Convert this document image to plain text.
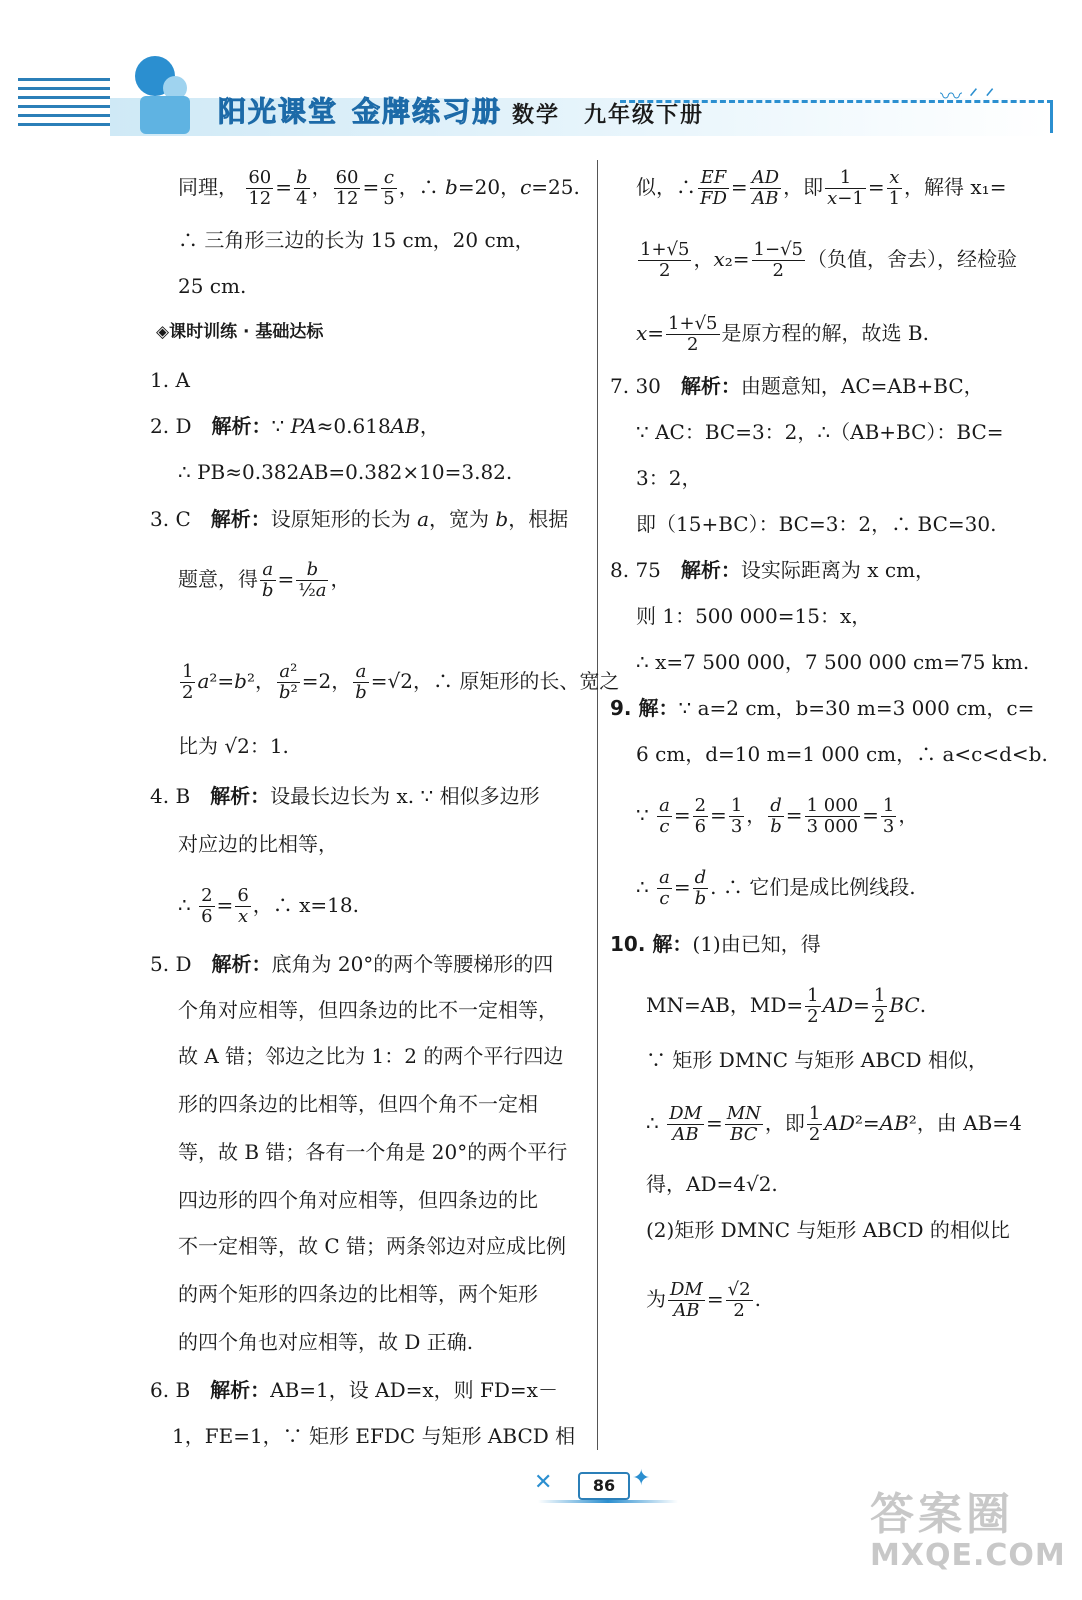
阳光课堂 金牌练习册 数学　九年级下册
〰 ᐟ ᐟ
同理， $\frac{60}{12} = \frac{b}{4}$ ， $\frac{60}{12} = \frac{c}{5}$ ，∴ b=20，c=25.
∴ 三角形三边的长为 15 cm，20 cm，
25 cm.
◈课时训练 · 基础达标
1. A
2. D　 解析：∵ PA≈0.618AB，
∴ PB≈0.382AB=0.382×10=3.82.
3. C　 解析：设原矩形的长为 a，宽为 b，根据
题意，得 $\frac{a}{b} = \frac{b}{\text{½a}}$ ，
$\frac{1}{2} a^2=b^2$， $\frac{\text{a²}}{\text{b²}} =2$， $\frac{a}{b} =√2$，∴ 原矩形的长、宽之
比为 √2：1.
4. B　 解析：设最长边长为 x. ∵ 相似多边形
对应边的比相等，
∴ $\frac{2}{6} = \frac{6}{x}$ ，∴ x=18.
5. D　 解析：底角为 20°的两个等腰梯形的四
个角对应相等，但四条边的比不一定相等，
故 A 错；邻边之比为 1：2 的两个平行四边
形的四条边的比相等，但四个角不一定相
等，故 B 错；各有一个角是 20°的两个平行
四边形的四个角对应相等，但四条边的比
不一定相等，故 C 错；两条邻边对应成比例
的两个矩形的四条边的比相等，两个矩形
的四个角也对应相等，故 D 正确.
6. B　 解析：AB=1，设 AD=x，则 FD=x－
1，FE=1，∵ 矩形 EFDC 与矩形 ABCD 相
似，∴ $\frac{EF}{FD} = \frac{AD}{AB}$ ，即 $\frac{1}{x-1} = \frac{x}{1}$ ，解得 x₁=
$\frac{1+√5}{2}$ ，$x_2= \frac{1-√5}{2}$ （负值，舍去），经检验
$x= \frac{1+√5}{2}$ 是原方程的解，故选 B.
7. 30　 解析：由题意知，AC=AB+BC，
∵ AC：BC=3：2，∴（AB+BC）：BC=
3：2，
即（15+BC）：BC=3：2，∴ BC=30.
8. 75　 解析：设实际距离为 x cm，
则 1：500 000=15：x，
∴ x=7 500 000，7 500 000 cm=75 km.
9. 解：∵ a=2 cm，b=30 m=3 000 cm，c=
6 cm，d=10 m=1 000 cm，∴ a<c<d<b.
∵ $\frac{a}{c} = \frac{2}{6} = \frac{1}{3}$ ， $\frac{d}{b} = \frac{1 000}{3 000} = \frac{1}{3}$ ，
∴ $\frac{a}{c} = \frac{d}{b}$ . ∴ 它们是成比例线段.
10. 解：(1)由已知，得
MN=AB，$MD= \frac{1}{2} AD= \frac{1}{2}$ BC.
∵ 矩形 DMNC 与矩形 ABCD 相似，
∴ $\frac{DM}{AB} = \frac{MN}{BC}$ ，即 $\frac{1}{2} AD^2=AB^2$，由 AB=4
得，AD=4√2.
(2)矩形 DMNC 与矩形 ABCD 的相似比
为 $\frac{DM}{AB} = \frac{√2}{2}$ .
✕	✦
86
答案圈
MXQE.COM
